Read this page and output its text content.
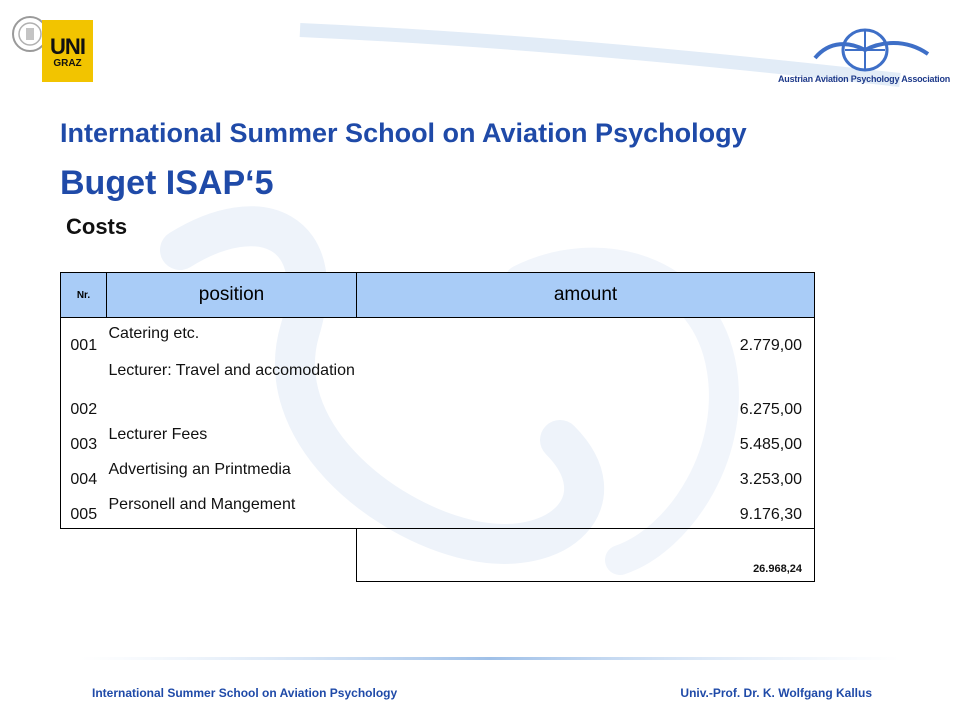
UNI
GRAZ
Austrian Aviation Psychology Association
International Summer School on Aviation Psychology
Buget ISAP‘5
Costs
Nr.	position	amount
001	Catering etc.	2.779,00
002	Lecturer: Travel and accomodation	6.275,00
003	Lecturer Fees	5.485,00
004	Advertising an Printmedia	3.253,00
005	Personell and Mangement	9.176,30
		26.968,24
International Summer School on Aviation Psychology	Univ.-Prof. Dr. K. Wolfgang Kallus
